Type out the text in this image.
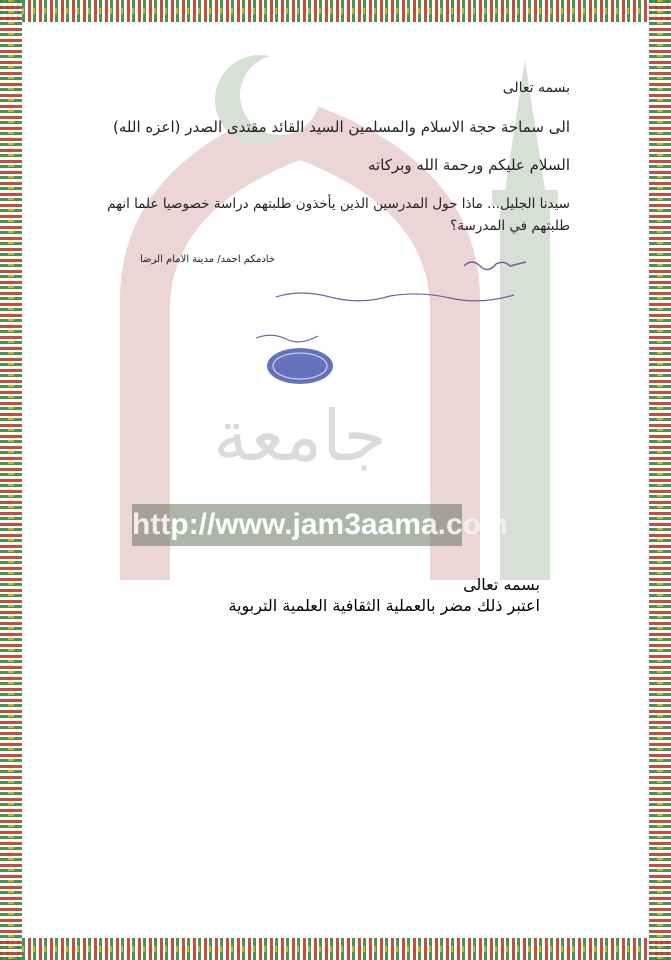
جامعة
http://www.jam3aama.com
بسمه تعالى
الى سماحة حجة الاسلام والمسلمين السيد القائد مقتدى الصدر (اعزه الله)
السلام عليكم ورحمة الله وبركاته
سيدنا الجليل... ماذا حول المدرسين الذين يأخذون طلبتهم دراسة خصوصيا علما انهم طلبتهم في المدرسة؟
خادمكم احمد/ مدينة الامام الرضا
بسمه تعالى
اعتبر ذلك مضر بالعملية الثقافية العلمية التربوية
